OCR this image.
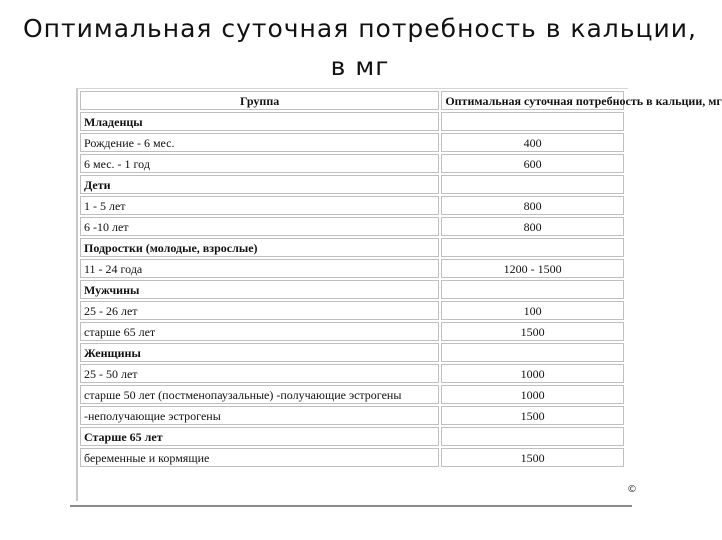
Оптимальная суточная потребность в кальции,
в мг
Группа	Оптимальная суточная потребность в кальции, мг
Младенцы	
Рождение - 6 мес.	400
6 мес. - 1 год	600
Дети	
1 - 5 лет	800
6 -10 лет	800
Подростки (молодые, взрослые)	
11 - 24 года	1200 - 1500
Мужчины	
25 - 26 лет	100
старше 65 лет	1500
Женщины	
25 - 50 лет	1000
старше 50 лет (постменопаузальные) -получающие эстрогены	1000
-неполучающие эстрогены	1500
Старше 65 лет	
беременные и кормящие	1500
©
